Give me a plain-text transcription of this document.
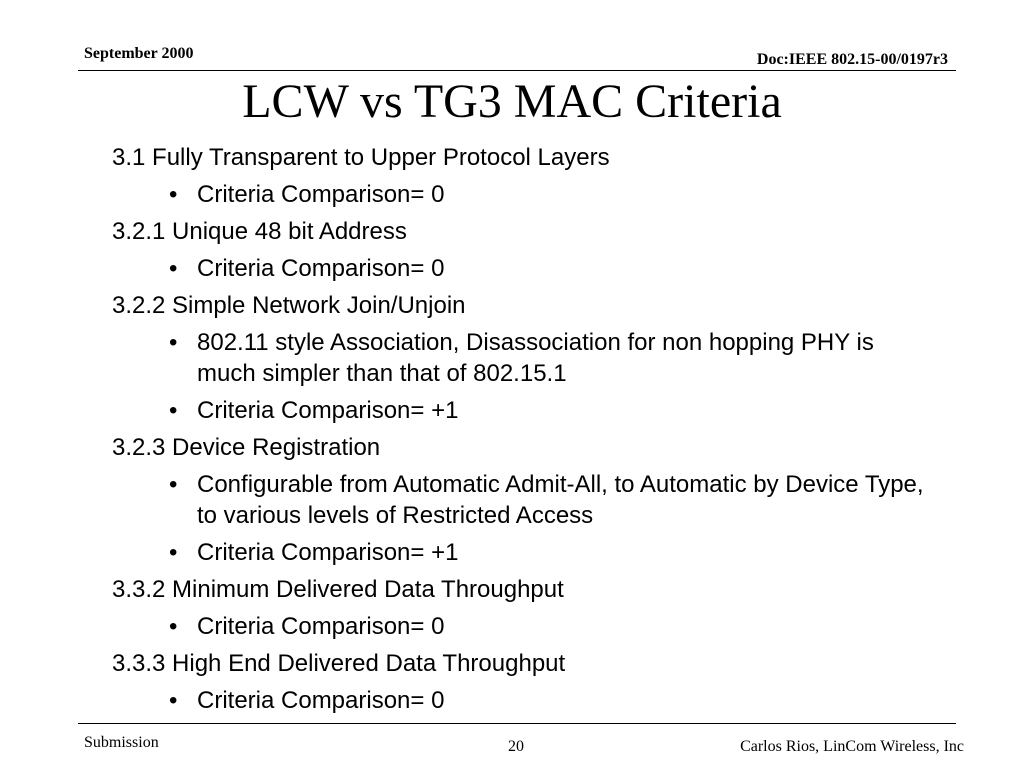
September 2000	Doc:IEEE 802.15-00/0197r3
LCW vs TG3 MAC Criteria
3.1 Fully Transparent to Upper Protocol Layers
• Criteria Comparison= 0
3.2.1 Unique 48 bit Address
• Criteria Comparison= 0
3.2.2 Simple Network Join/Unjoin
• 802.11 style Association, Disassociation for non hopping PHY is much simpler than that of 802.15.1
• Criteria Comparison= +1
3.2.3 Device Registration
• Configurable from Automatic Admit-All, to Automatic by Device Type, to various levels of Restricted Access
• Criteria Comparison= +1
3.3.2 Minimum Delivered Data Throughput
• Criteria Comparison= 0
3.3.3 High End Delivered Data Throughput
• Criteria Comparison= 0
Submission	20	Carlos Rios, LinCom Wireless, Inc
